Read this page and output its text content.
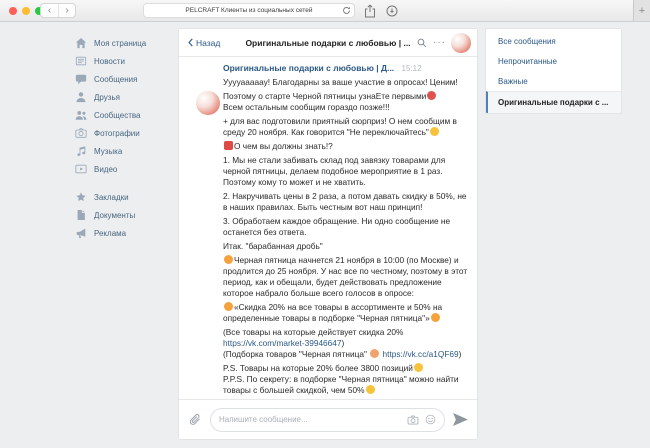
‹	›	PELCRAFT Клиенты из социальных сетей	+
Моя страница
Новости
Сообщения
Друзья
Сообщества
Фотографии
Музыка
Видео
Закладки
Документы
Реклама
Назад	Оригинальные подарки с любовью | ... ···
Оригинальные подарки с любовью | Д... 15:12
Ууууааааау! Благодарны за ваше участие в опросах! Ценим!
Поэтому о старте Черной пятницы узнаЕте первыми
Всем остальным сообщим гораздо позже!!!
+ для вас подготовили приятный сюрприз! О нем сообщим в среду 20 ноября. Как говорится "Не переключайтесь"
О чем вы должны знать!?
1. Мы не стали забивать склад под завязку товарами для черной пятницы, делаем подобное мероприятие в 1 раз. Поэтому кому то может и не хватить.
2. Накручивать цены в 2 раза, а потом давать скидку в 50%, не в наших правилах. Быть честным вот наш принцип!
3. Обработаем каждое обращение. Ни одно сообщение не останется без ответа.
Итак. "барабанная дробь"
Черная пятница начнется 21 ноября в 10:00 (по Москве) и продлится до 25 ноября. У нас все по честному, поэтому в этот период, как и обещали, будет действовать предложение которое набрало больше всего голосов в опросе:
«Скидка 20% на все товары в ассортименте и 50% на определенные товары в подборке "Черная пятница"»
(Все товары на которые действует скидка 20%
https://vk.com/market-39946647)
(Подборка товаров "Черная пятница"  https://vk.cc/a1QF69)
P.S. Товары на которые 20% более 3800 позиций
P.P.S. По секрету: в подборке "Черная пятница" можно найти товары с большей скидкой, чем 50%
Напишите сообщение...
Все сообщения
Непрочитанные
Важные
Оригинальные подарки с ...
